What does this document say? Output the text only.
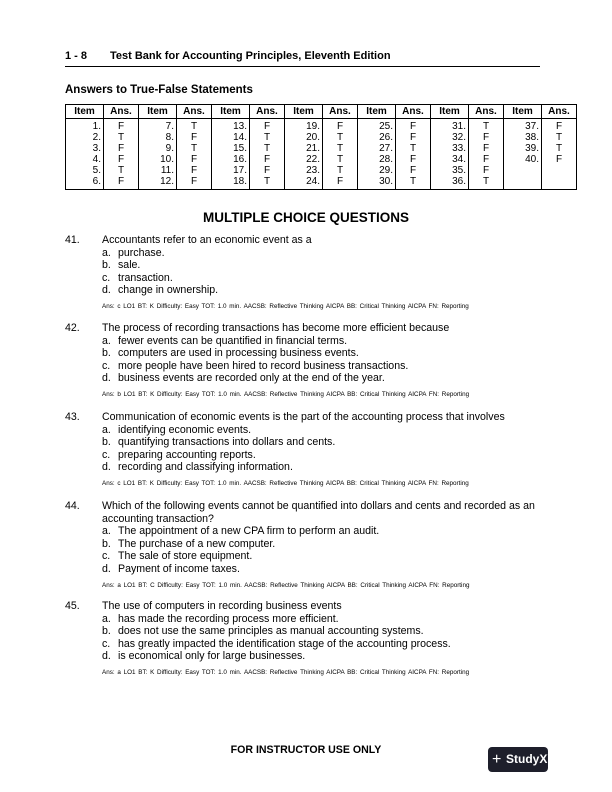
1 - 8 Test Bank for Accounting Principles, Eleventh Edition
Answers to True-False Statements
Item	Ans.	Item	Ans.	Item	Ans.	Item	Ans.	Item	Ans.	Item	Ans.	Item	Ans.
1.	F	7.	T	13.	F	19.	F	25.	F	31.	T	37.	F
2.	T	8.	F	14.	T	20.	T	26.	F	32.	F	38.	T
3.	F	9.	T	15.	T	21.	T	27.	T	33.	F	39.	T
4.	F	10.	F	16.	F	22.	T	28.	F	34.	F	40.	F
5.	T	11.	F	17.	F	23.	T	29.	F	35.	F		
6.	F	12.	F	18.	T	24.	F	30.	T	36.	T		
MULTIPLE CHOICE QUESTIONS
41. Accountants refer to an economic event as a
a. purchase.
b. sale.
c. transaction.
d. change in ownership.
Ans: c LO1 BT: K Difficulty: Easy TOT: 1.0 min. AACSB: Reflective Thinking AICPA BB: Critical Thinking AICPA FN: Reporting
42. The process of recording transactions has become more efficient because
a. fewer events can be quantified in financial terms.
b. computers are used in processing business events.
c. more people have been hired to record business transactions.
d. business events are recorded only at the end of the year.
Ans: b LO1 BT: K Difficulty: Easy TOT: 1.0 min. AACSB: Reflective Thinking AICPA BB: Critical Thinking AICPA FN: Reporting
43. Communication of economic events is the part of the accounting process that involves
a. identifying economic events.
b. quantifying transactions into dollars and cents.
c. preparing accounting reports.
d. recording and classifying information.
Ans: c LO1 BT: K Difficulty: Easy TOT: 1.0 min. AACSB: Reflective Thinking AICPA BB: Critical Thinking AICPA FN: Reporting
44. Which of the following events cannot be quantified into dollars and cents and recorded as an accounting transaction?
a. The appointment of a new CPA firm to perform an audit.
b. The purchase of a new computer.
c. The sale of store equipment.
d. Payment of income taxes.
Ans: a LO1 BT: C Difficulty: Easy TOT: 1.0 min. AACSB: Reflective Thinking AICPA BB: Critical Thinking AICPA FN: Reporting
45. The use of computers in recording business events
a. has made the recording process more efficient.
b. does not use the same principles as manual accounting systems.
c. has greatly impacted the identification stage of the accounting process.
d. is economical only for large businesses.
Ans: a LO1 BT: K Difficulty: Easy TOT: 1.0 min. AACSB: Reflective Thinking AICPA BB: Critical Thinking AICPA FN: Reporting
FOR INSTRUCTOR USE ONLY
+ StudyXY
